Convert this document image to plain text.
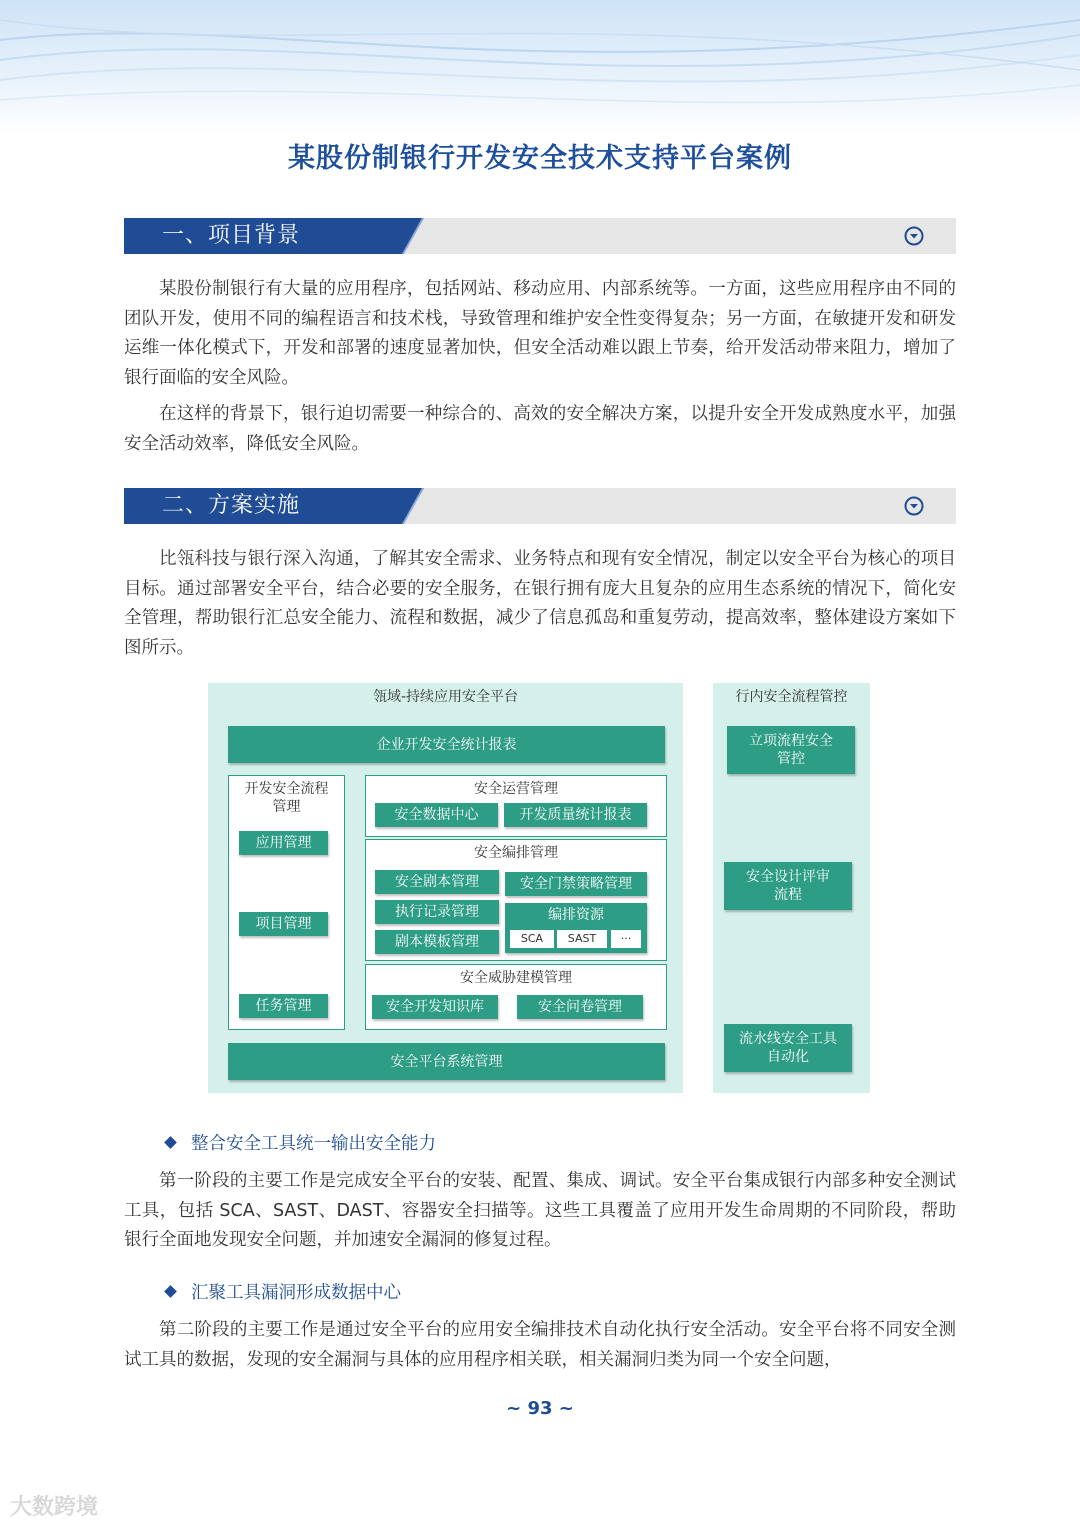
某股份制银行开发安全技术支持平台案例
一、项目背景

某股份制银行有大量的应用程序，包括网站、移动应用、内部系统等。一方面，这些应用程序由不同的团队开发，使用不同的编程语言和技术栈，导致管理和维护安全性变得复杂；另一方面，在敏捷开发和研发运维一体化模式下，开发和部署的速度显著加快，但安全活动难以跟上节奏，给开发活动带来阻力，增加了银行面临的安全风险。

在这样的背景下，银行迫切需要一种综合的、高效的安全解决方案，以提升安全开发成熟度水平，加强安全活动效率，降低安全风险。

二、方案实施

比瓴科技与银行深入沟通，了解其安全需求、业务特点和现有安全情况，制定以安全平台为核心的项目目标。通过部署安全平台，结合必要的安全服务，在银行拥有庞大且复杂的应用生态系统的情况下，简化安全管理，帮助银行汇总安全能力、流程和数据，减少了信息孤岛和重复劳动，提高效率，整体建设方案如下图所示。

瓴域-持续应用安全平台
企业开发安全统计报表
开发安全流程管理
应用管理
项目管理
任务管理
安全运营管理
安全数据中心	开发质量统计报表
安全编排管理
安全剧本管理
执行记录管理
剧本模板管理
安全门禁策略管理
编排资源
SCA	SAST	···
安全威胁建模管理
安全开发知识库	安全问卷管理
安全平台系统管理
行内安全流程管控
立项流程安全管控
安全设计评审流程
流水线安全工具自动化
整合安全工具统一输出安全能力

第一阶段的主要工作是完成安全平台的安装、配置、集成、调试。安全平台集成银行内部多种安全测试工具，包括 SCA、SAST、DAST、容器安全扫描等。这些工具覆盖了应用开发生命周期的不同阶段，帮助银行全面地发现安全问题，并加速安全漏洞的修复过程。

汇聚工具漏洞形成数据中心

第二阶段的主要工作是通过安全平台的应用安全编排技术自动化执行安全活动。安全平台将不同安全测试工具的数据，发现的安全漏洞与具体的应用程序相关联，相关漏洞归类为同一个安全问题，

~ 93 ~
大数跨境
